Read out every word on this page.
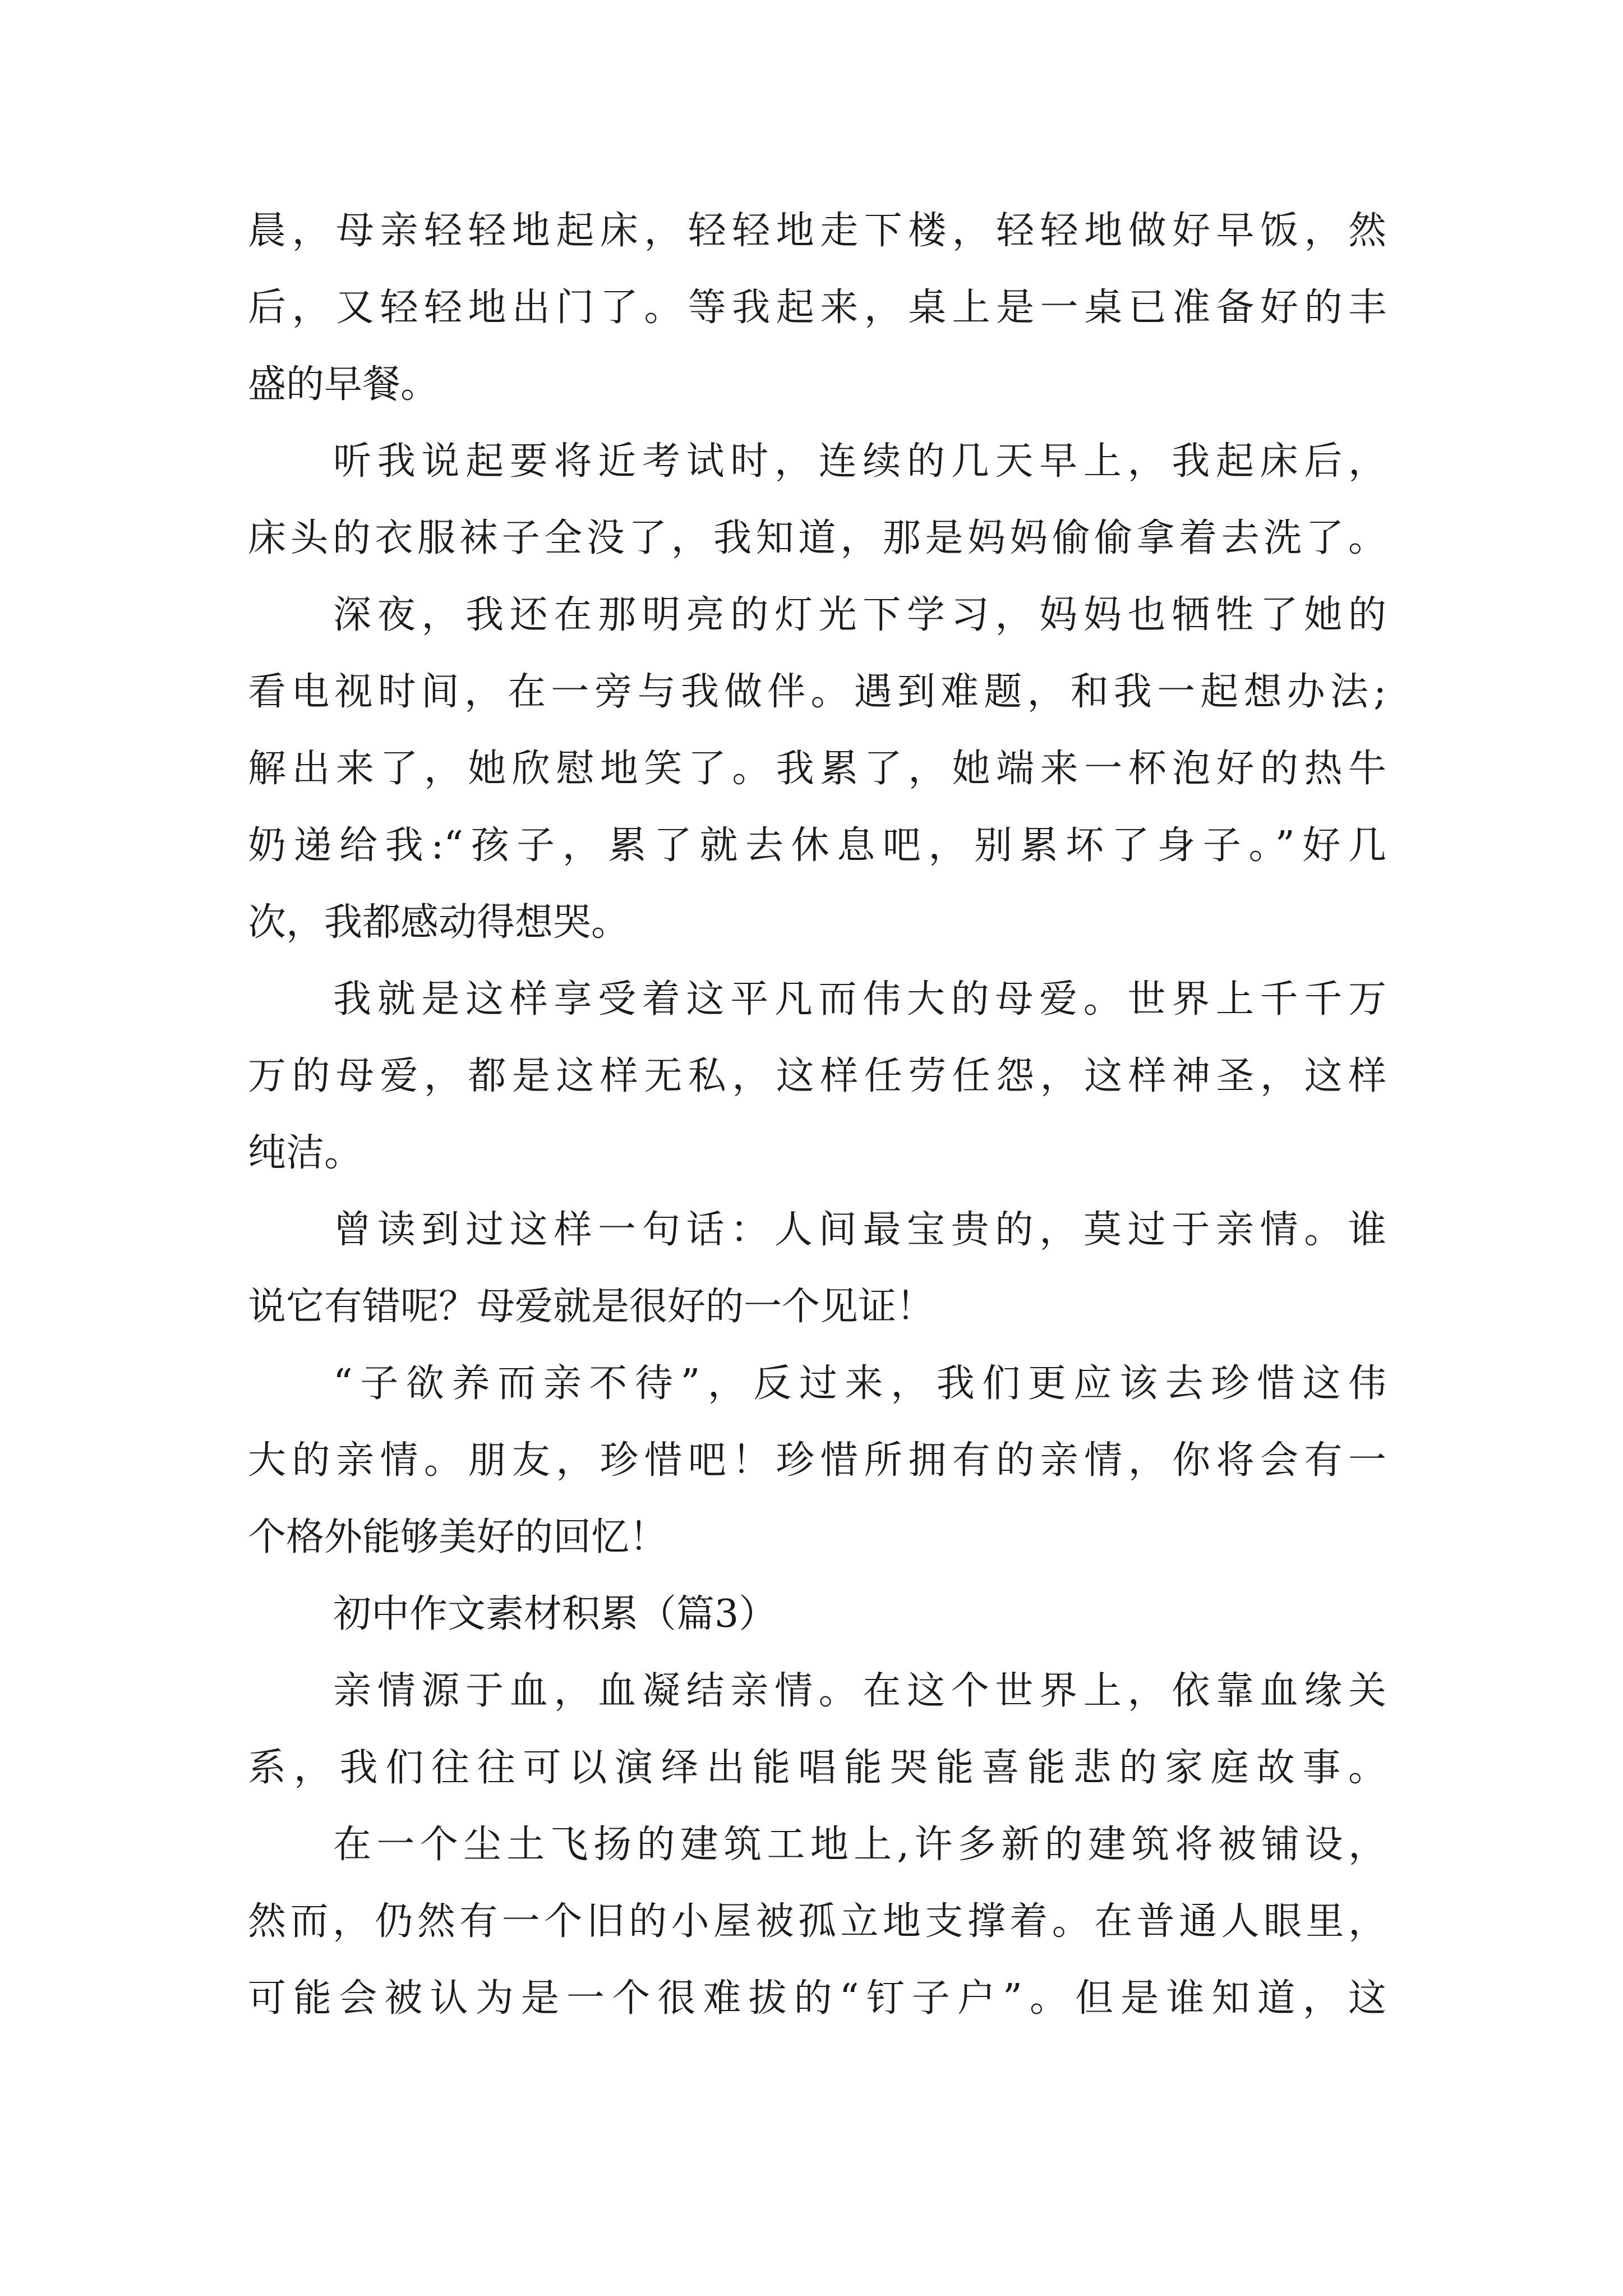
晨，母亲轻轻地起床，轻轻地走下楼，轻轻地做好早饭，然
后，又轻轻地出门了。等我起来，桌上是一桌已准备好的丰
盛的早餐。
听我说起要将近考试时，连续的几天早上，我起床后，
床头的衣服袜子全没了，我知道，那是妈妈偷偷拿着去洗了。
深夜，我还在那明亮的灯光下学习，妈妈也牺牲了她的
看电视时间，在一旁与我做伴。遇到难题，和我一起想办法;
解出来了，她欣慰地笑了。我累了，她端来一杯泡好的热牛
奶递给我:“孩子，累了就去休息吧，别累坏了身子。”好几
次，我都感动得想哭。
我就是这样享受着这平凡而伟大的母爱。世界上千千万
万的母爱，都是这样无私，这样任劳任怨，这样神圣，这样
纯洁。
曾读到过这样一句话：人间最宝贵的，莫过于亲情。谁
说它有错呢？母爱就是很好的一个见证！
“子欲养而亲不待”，反过来，我们更应该去珍惜这伟
大的亲情。朋友，珍惜吧！珍惜所拥有的亲情，你将会有一
个格外能够美好的回忆！
初中作文素材积累（篇3）
亲情源于血，血凝结亲情。在这个世界上，依靠血缘关
系，我们往往可以演绎出能唱能哭能喜能悲的家庭故事。
在一个尘土飞扬的建筑工地上,许多新的建筑将被铺设，
然而，仍然有一个旧的小屋被孤立地支撑着。在普通人眼里，
可能会被认为是一个很难拔的“钉子户”。但是谁知道，这
